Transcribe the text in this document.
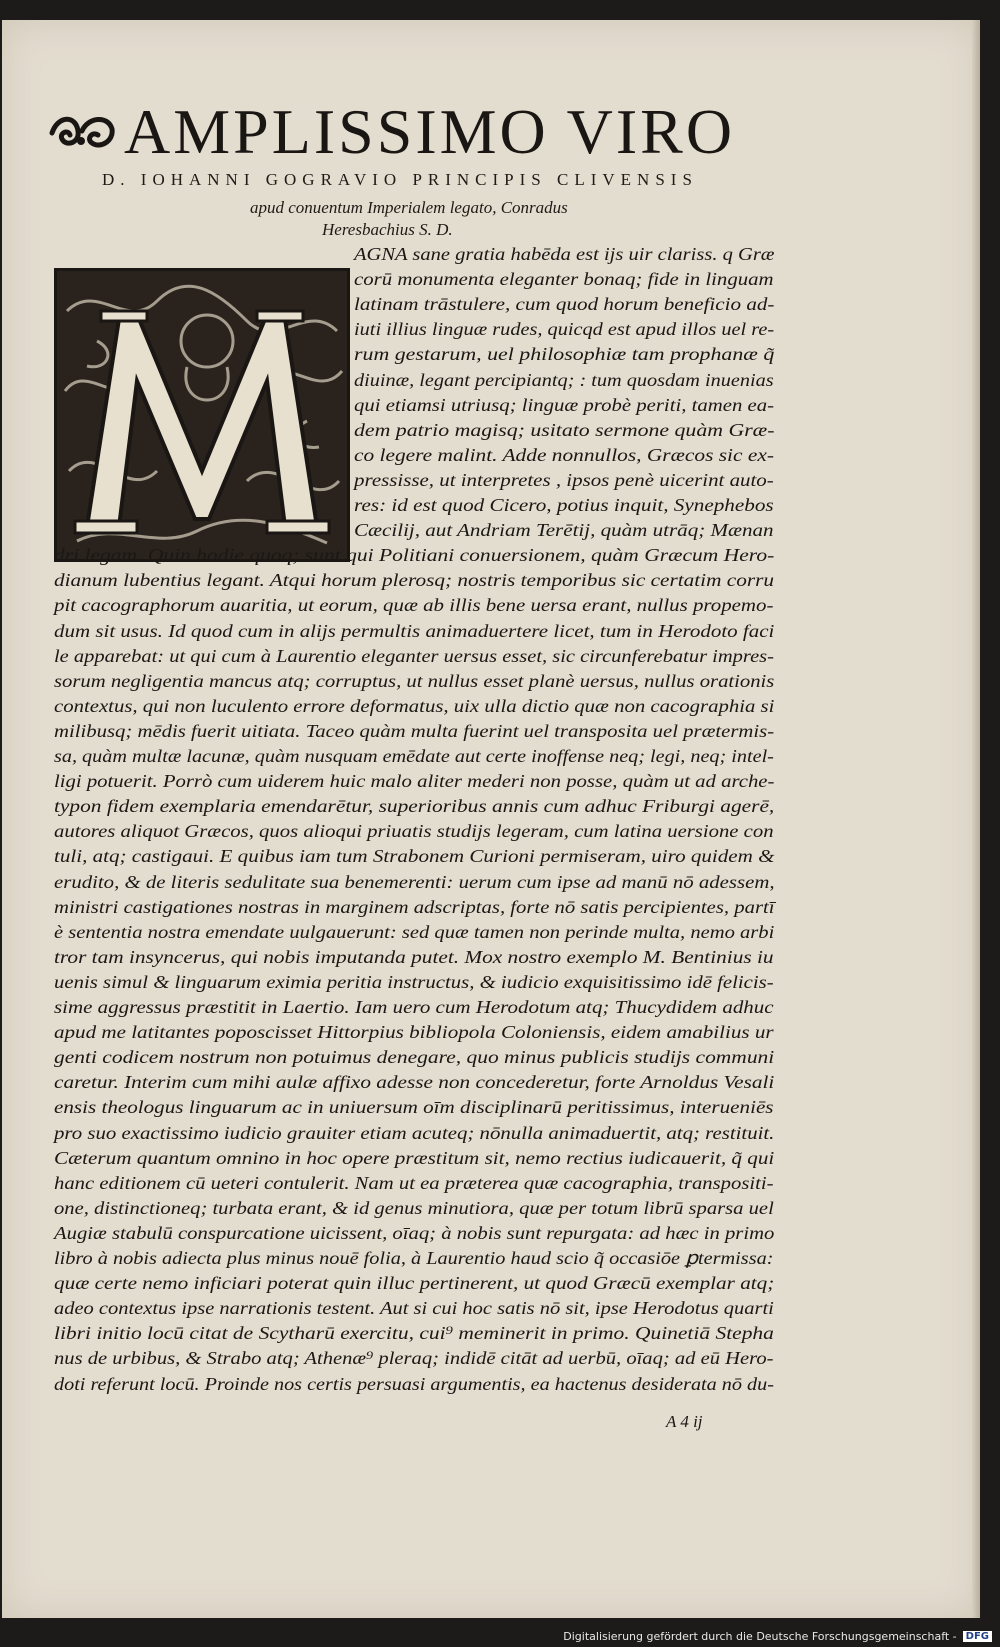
AMPLISSIMO VIRO
D. IOHANNI GOGRAVIO PRINCIPIS CLIVENSIS
apud conuentum Imperialem legato, Conradus
Heresbachius S. D.
AGNA sane gratia habēda est ijs uir clariss. q Græ
corū monumenta eleganter bonaq; fide in linguam
latinam trāstulere, cum quod horum beneficio ad-
iuti illius linguæ rudes, quicqd est apud illos uel re-
rum gestarum, uel philosophiæ tam prophanæ q̃
diuinæ, legant percipiantq; : tum quosdam inuenias
qui etiamsi utriusq; linguæ probè periti, tamen ea-
dem patrio magisq; usitato sermone quàm Græ-
co legere malint. Adde nonnullos, Græcos sic ex-
pressisse, ut interpretes , ipsos penè uicerint auto-
res: id est quod Cicero, potius inquit, Synephebos
Cæcilij, aut Andriam Terētij, quàm utrāq; Mænan
dri legam. Quin hodie quoq; sunt qui Politiani conuersionem, quàm Græcum Hero-
dianum lubentius legant. Atqui horum plerosq; nostris temporibus sic certatim corru
pit cacographorum auaritia, ut eorum, quæ ab illis bene uersa erant, nullus propemo-
dum sit usus. Id quod cum in alijs permultis animaduertere licet, tum in Herodoto faci
le apparebat: ut qui cum à Laurentio eleganter uersus esset, sic circunferebatur impres-
sorum negligentia mancus atq; corruptus, ut nullus esset planè uersus, nullus orationis
contextus, qui non luculento errore deformatus, uix ulla dictio quæ non cacographia si
milibusq; mēdis fuerit uitiata. Taceo quàm multa fuerint uel transposita uel prætermis-
sa, quàm multæ lacunæ, quàm nusquam emēdate aut certe inoffense neq; legi, neq; intel-
ligi potuerit. Porrò cum uiderem huic malo aliter mederi non posse, quàm ut ad arche-
typon fidem exemplaria emendarētur, superioribus annis cum adhuc Friburgi agerē,
autores aliquot Græcos, quos alioqui priuatis studijs legeram, cum latina uersione con
tuli, atq; castigaui. E quibus iam tum Strabonem Curioni permiseram, uiro quidem &
erudito, & de literis sedulitate sua benemerenti: uerum cum ipse ad manū nō adessem,
ministri castigationes nostras in marginem adscriptas, forte nō satis percipientes, partī
è sententia nostra emendate uulgauerunt: sed quæ tamen non perinde multa, nemo arbi
tror tam insyncerus, qui nobis imputanda putet. Mox nostro exemplo M. Bentinius iu
uenis simul & linguarum eximia peritia instructus, & iudicio exquisitissimo idē felicis-
sime aggressus præstitit in Laertio. Iam uero cum Herodotum atq; Thucydidem adhuc
apud me latitantes poposcisset Hittorpius bibliopola Coloniensis, eidem amabilius ur
genti codicem nostrum non potuimus denegare, quo minus publicis studijs communi
caretur. Interim cum mihi aulæ affixo adesse non concederetur, forte Arnoldus Vesali
ensis theologus linguarum ac in uniuersum oīm disciplinarū peritissimus, interueniēs
pro suo exactissimo iudicio grauiter etiam acuteq; nōnulla animaduertit, atq; restituit.
Cæterum quantum omnino in hoc opere præstitum sit, nemo rectius iudicauerit, q̃ qui
hanc editionem cū ueteri contulerit. Nam ut ea præterea quæ cacographia, transpositi-
one, distinctioneq; turbata erant, & id genus minutiora, quæ per totum librū sparsa uel
Augiæ stabulū conspurcatione uicissent, oīaq; à nobis sunt repurgata: ad hæc in primo
libro à nobis adiecta plus minus nouē folia, à Laurentio haud scio q̃ occasiōe ꝑtermissa:
quæ certe nemo inficiari poterat quin illuc pertinerent, ut quod Græcū exemplar atq;
adeo contextus ipse narrationis testent. Aut si cui hoc satis nō sit, ipse Herodotus quarti
libri initio locū citat de Scytharū exercitu, cui⁹ meminerit in primo. Quinetiā Stepha
nus de urbibus, & Strabo atq; Athenæ⁹ pleraq; indidē citāt ad uerbū, oīaq; ad eū Hero-
doti referunt locū. Proinde nos certis persuasi argumentis, ea hactenus desiderata nō du-
A 4 ij
Digitalisierung gefördert durch die Deutsche Forschungsgemeinschaft - DFG
